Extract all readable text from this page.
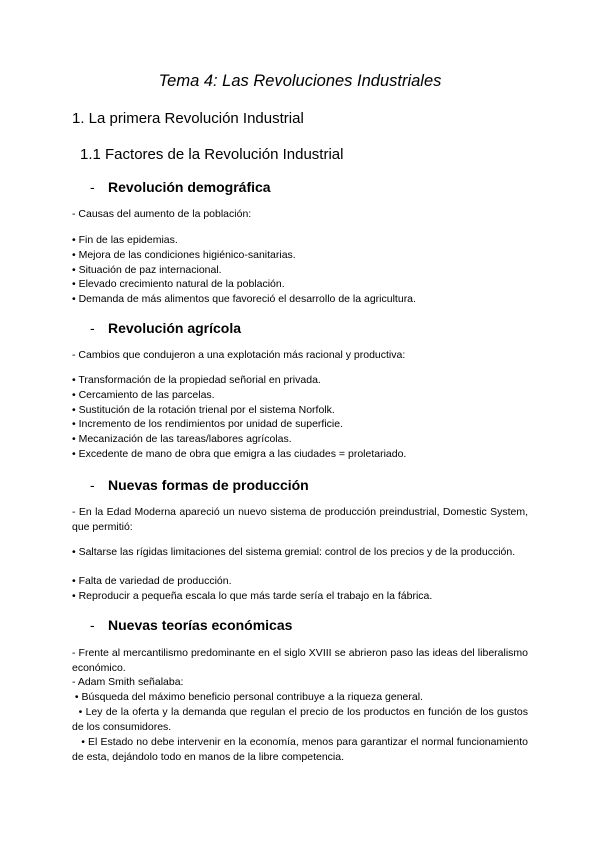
Tema 4: Las Revoluciones Industriales
1. La primera Revolución Industrial
1.1 Factores de la Revolución Industrial
- Revolución demográfica
- Causas del aumento de la población:
• Fin de las epidemias.
• Mejora de las condiciones higiénico-sanitarias.
• Situación de paz internacional.
• Elevado crecimiento natural de la población.
• Demanda de más alimentos que favoreció el desarrollo de la agricultura.
- Revolución agrícola
- Cambios que condujeron a una explotación más racional y productiva:
• Transformación de la propiedad señorial en privada.
• Cercamiento de las parcelas.
• Sustitución de la rotación trienal por el sistema Norfolk.
• Incremento de los rendimientos por unidad de superficie.
• Mecanización de las tareas/labores agrícolas.
• Excedente de mano de obra que emigra a las ciudades = proletariado.
- Nuevas formas de producción
- En la Edad Moderna apareció un nuevo sistema de producción preindustrial, Domestic System, que permitió:
• Saltarse las rígidas limitaciones del sistema gremial: control de los precios y de la producción.
• Falta de variedad de producción.
• Reproducir a pequeña escala lo que más tarde sería el trabajo en la fábrica.
- Nuevas teorías económicas
- Frente al mercantilismo predominante en el siglo XVIII se abrieron paso las ideas del liberalismo económico.
- Adam Smith señalaba:
• Búsqueda del máximo beneficio personal contribuye a la riqueza general.
• Ley de la oferta y la demanda que regulan el precio de los productos en función de los gustos de los consumidores.
• El Estado no debe intervenir en la economía, menos para garantizar el normal funcionamiento de esta, dejándolo todo en manos de la libre competencia.
